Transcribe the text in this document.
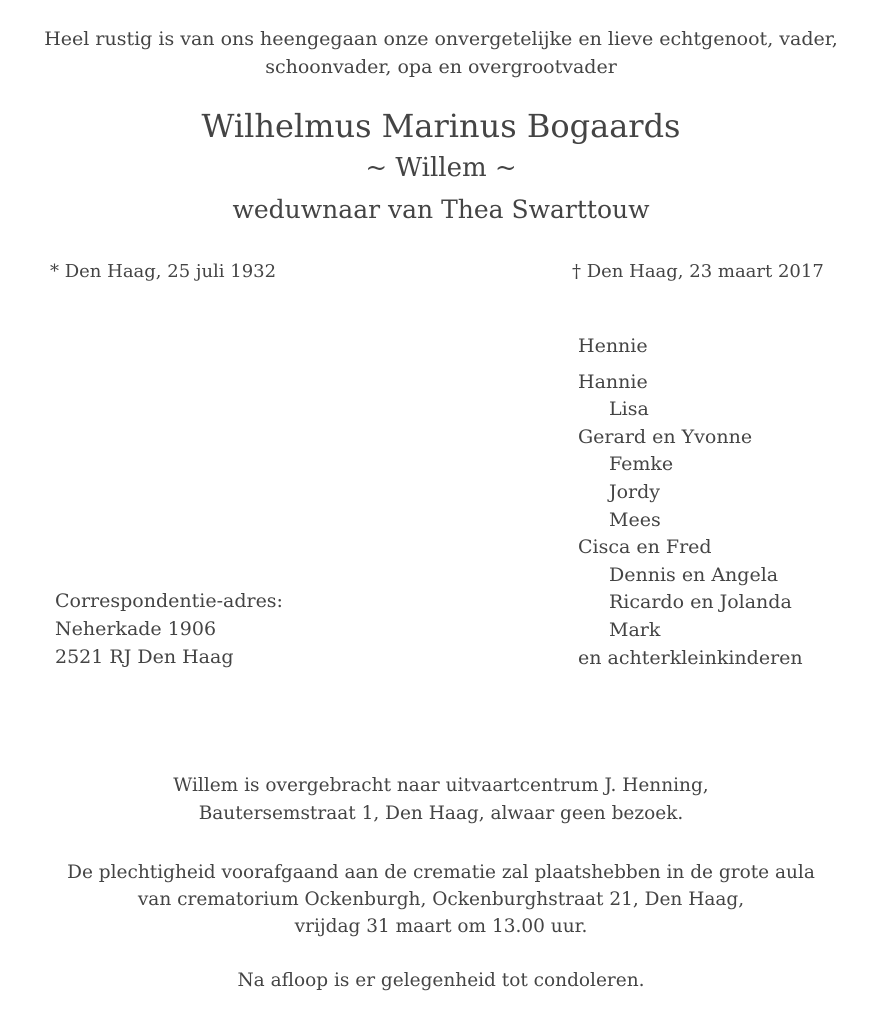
Heel rustig is van ons heengegaan onze onvergetelijke en lieve echtgenoot, vader,
schoonvader, opa en overgrootvader
Wilhelmus Marinus Bogaards
~ Willem ~
weduwnaar van Thea Swarttouw
* Den Haag, 25 juli 1932	† Den Haag, 23 maart 2017
Hennie
Hannie
Lisa
Gerard en Yvonne
Femke
Jordy
Mees
Cisca en Fred
Dennis en Angela
Ricardo en Jolanda
Mark
en achterkleinkinderen
Correspondentie-adres:
Neherkade 1906
2521 RJ Den Haag
Willem is overgebracht naar uitvaartcentrum J. Henning,
Bautersemstraat 1, Den Haag, alwaar geen bezoek.
De plechtigheid voorafgaand aan de crematie zal plaatshebben in de grote aula
van crematorium Ockenburgh, Ockenburghstraat 21, Den Haag,
vrijdag 31 maart om 13.00 uur.
Na afloop is er gelegenheid tot condoleren.
